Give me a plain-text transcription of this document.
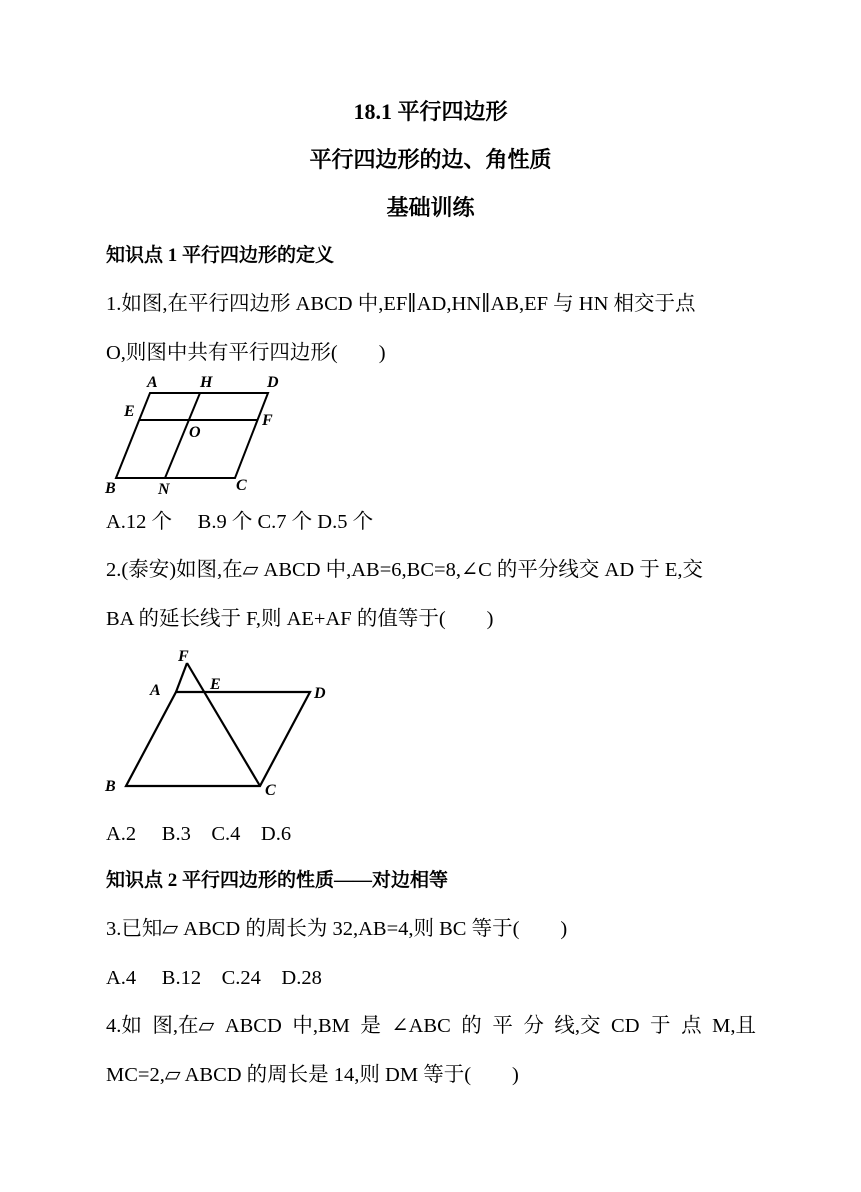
18.1 平行四边形
平行四边形的边、角性质
基础训练
知识点 1 平行四边形的定义
1.如图,在平行四边形 ABCD 中,EF∥AD,HN∥AB,EF 与 HN 相交于点
O,则图中共有平行四边形(　　)
A	H	D
E
F
O
B	N	C
A.12 个　 B.9 个 C.7 个 D.5 个
2.(泰安)如图,在▱ ABCD 中,AB=6,BC=8,∠C 的平分线交 AD 于 E,交
BA 的延长线于 F,则 AE+AF 的值等于(　　)
F
A	E
D
B	C
A.2　 B.3　C.4　D.6
知识点 2 平行四边形的性质——对边相等
3.已知▱ ABCD 的周长为 32,AB=4,则 BC 等于(　　)
A.4　 B.12　C.24　D.28
4.如 图,在▱ ABCD 中,BM 是 ∠ABC 的 平 分 线,交 CD 于 点 M,且
MC=2,▱ ABCD 的周长是 14,则 DM 等于(　　)
